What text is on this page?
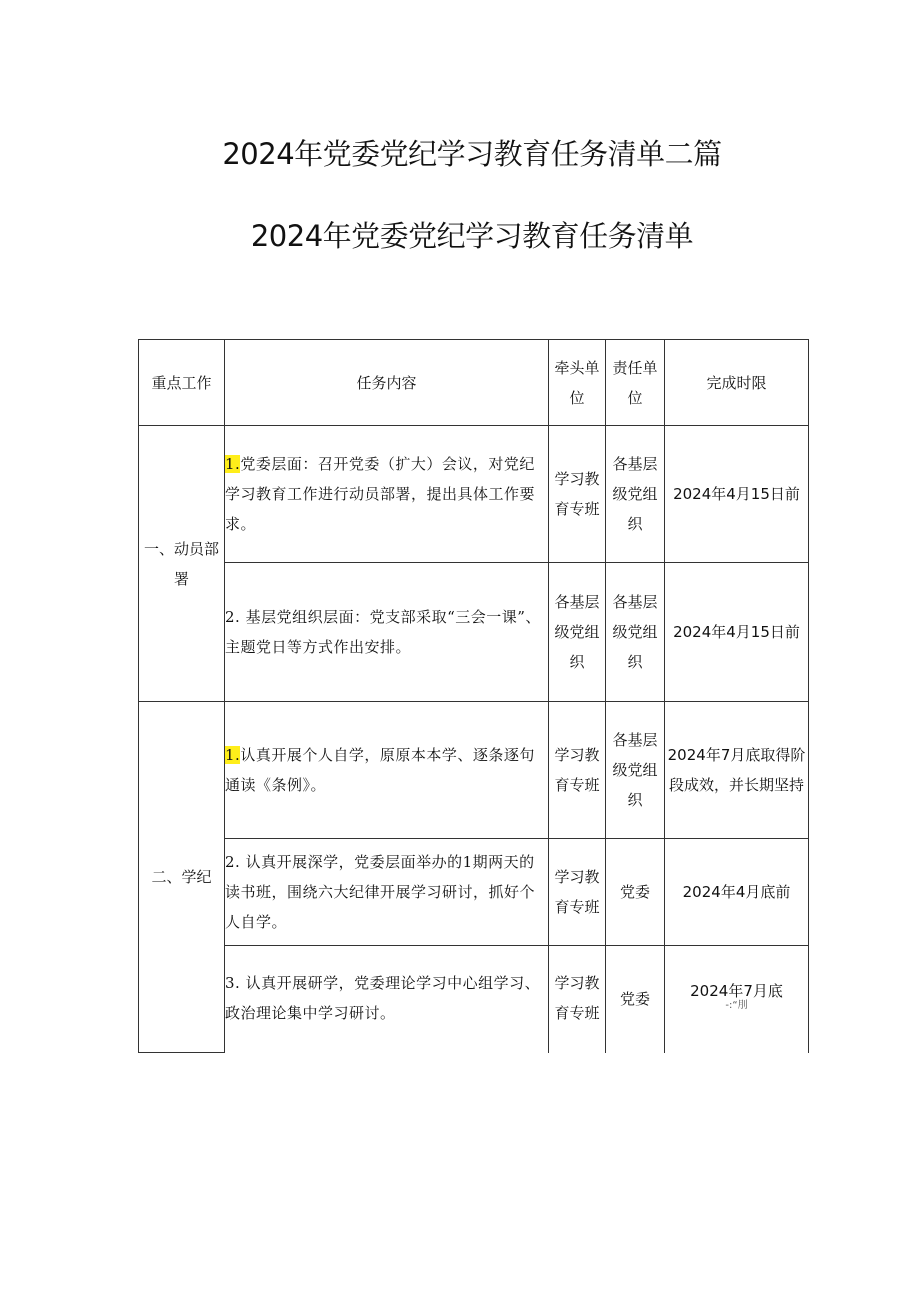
2024年党委党纪学习教育任务清单二篇
2024年党委党纪学习教育任务清单
重点工作	任务内容	牵头单位	责任单位	完成时限
一、动员部署	1.党委层面：召开党委（扩大）会议，对党纪学习教育工作进行动员部署，提出具体工作要求。	学习教育专班	各基层级党组织	2024年4月15日前
	2. 基层党组织层面：党支部采取“三会一课”、主题党日等方式作出安排。	各基层级党组织	各基层级党组织	2024年4月15日前
二、学纪	1.认真开展个人自学，原原本本学、逐条逐句通读《条例》。	学习教育专班	各基层级党组织	2024年7月底取得阶段成效，并长期坚持
	2. 认真开展深学，党委层面举办的1期两天的读书班，围绕六大纪律开展学习研讨，抓好个人自学。	学习教育专班	党委	2024年4月底前
	3. 认真开展研学，党委理论学习中心组学习、政治理论集中学习研讨。	学习教育专班	党委	2024年7月底
-:“刖
